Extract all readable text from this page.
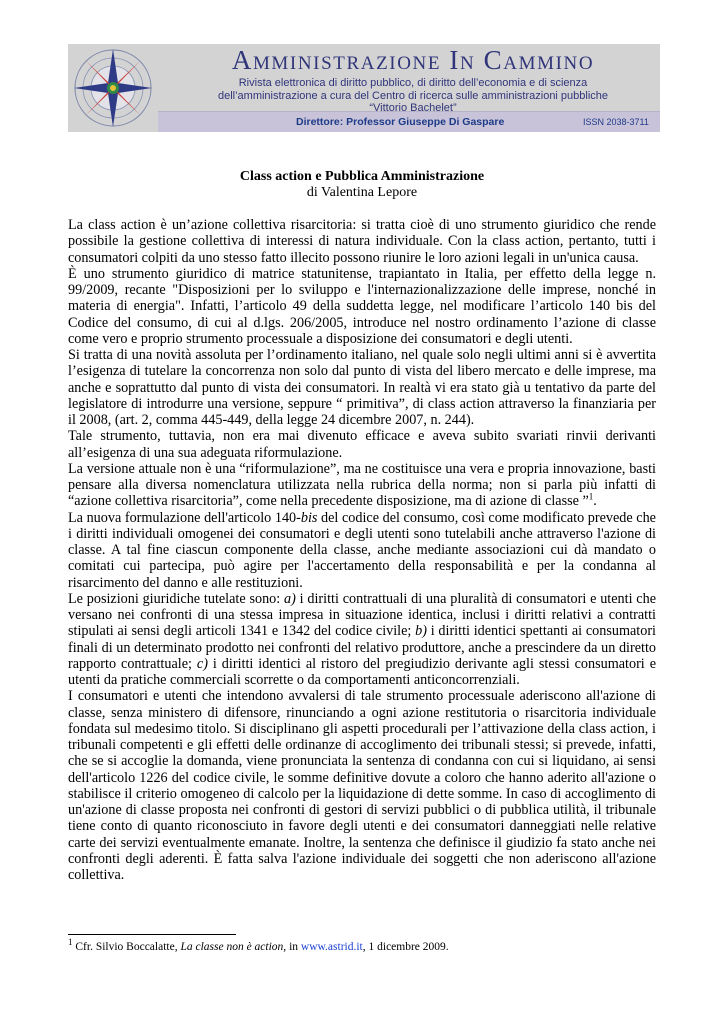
Amministrazione In Cammino
Rivista elettronica di diritto pubblico, di diritto dell’economia e di scienza
dell’amministrazione a cura del Centro di ricerca sulle amministrazioni pubbliche
“Vittorio Bachelet”
Direttore: Professor Giuseppe Di Gaspare	ISSN 2038-3711
Class action e Pubblica Amministrazione
di Valentina Lepore

La class action è un’azione collettiva risarcitoria: si tratta cioè di uno strumento giuridico che rende possibile la gestione collettiva di interessi di natura individuale. Con la class action, pertanto, tutti i consumatori colpiti da uno stesso fatto illecito possono riunire le loro azioni legali in un'unica causa.

È uno strumento giuridico di matrice statunitense, trapiantato in Italia, per effetto della legge n. 99/2009, recante "Disposizioni per lo sviluppo e l'internazionalizzazione delle imprese, nonché in materia di energia". Infatti, l’articolo 49 della suddetta legge, nel modificare l’articolo 140 bis del Codice del consumo, di cui al d.lgs. 206/2005, introduce nel nostro ordinamento l’azione di classe come vero e proprio strumento processuale a disposizione dei consumatori e degli utenti.

Si tratta di una novità assoluta per l’ordinamento italiano, nel quale solo negli ultimi anni si è avvertita l’esigenza di tutelare la concorrenza non solo dal punto di vista del libero mercato e delle imprese, ma anche e soprattutto dal punto di vista dei consumatori. In realtà vi era stato già u tentativo da parte del legislatore di introdurre una versione, seppure “ primitiva”, di class action attraverso la finanziaria per il 2008, (art. 2, comma 445-449, della legge 24 dicembre 2007, n. 244).

Tale strumento, tuttavia, non era mai divenuto efficace e aveva subito svariati rinvii derivanti all’esigenza di una sua adeguata riformulazione.

La versione attuale non è una “riformulazione”, ma ne costituisce una vera e propria innovazione, basti pensare alla diversa nomenclatura utilizzata nella rubrica della norma; non si parla più infatti di “azione collettiva risarcitoria”, come nella precedente disposizione, ma di azione di classe ”$^1$.

La nuova formulazione dell'articolo 140-bis del codice del consumo, così come modificato prevede che i diritti individuali omogenei dei consumatori e degli utenti sono tutelabili anche attraverso l'azione di classe. A tal fine ciascun componente della classe, anche mediante associazioni cui dà mandato o comitati cui partecipa, può agire per l'accertamento della responsabilità e per la condanna al risarcimento del danno e alle restituzioni.

Le posizioni giuridiche tutelate sono: a) i diritti contrattuali di una pluralità di consumatori e utenti che versano nei confronti di una stessa impresa in situazione identica, inclusi i diritti relativi a contratti stipulati ai sensi degli articoli 1341 e 1342 del codice civile; b) i diritti identici spettanti ai consumatori finali di un determinato prodotto nei confronti del relativo produttore, anche a prescindere da un diretto rapporto contrattuale; c) i diritti identici al ristoro del pregiudizio derivante agli stessi consumatori e utenti da pratiche commerciali scorrette o da comportamenti anticoncorrenziali.

I consumatori e utenti che intendono avvalersi di tale strumento processuale aderiscono all'azione di classe, senza ministero di difensore, rinunciando a ogni azione restitutoria o risarcitoria individuale fondata sul medesimo titolo. Si disciplinano gli aspetti procedurali per l’attivazione della class action, i tribunali competenti e gli effetti delle ordinanze di accoglimento dei tribunali stessi; si prevede, infatti, che se si accoglie la domanda, viene pronunciata la sentenza di condanna con cui si liquidano, ai sensi dell'articolo 1226 del codice civile, le somme definitive dovute a coloro che hanno aderito all'azione o stabilisce il criterio omogeneo di calcolo per la liquidazione di dette somme. In caso di accoglimento di un'azione di classe proposta nei confronti di gestori di servizi pubblici o di pubblica utilità, il tribunale tiene conto di quanto riconosciuto in favore degli utenti e dei consumatori danneggiati nelle relative carte dei servizi eventualmente emanate. Inoltre, la sentenza che definisce il giudizio fa stato anche nei confronti degli aderenti. È fatta salva l'azione individuale dei soggetti che non aderiscono all'azione collettiva.

$^1$ Cfr. Silvio Boccalatte, La classe non è action, in www.astrid.it, 1 dicembre 2009.
